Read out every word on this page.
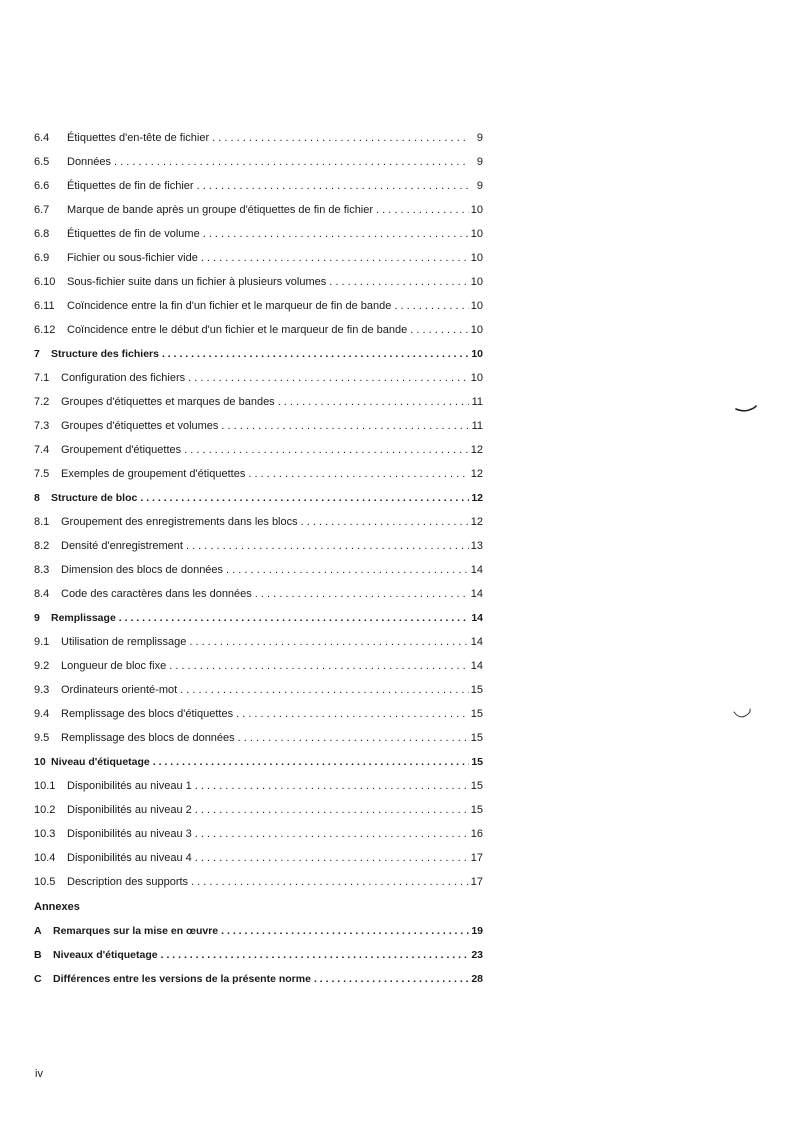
6.4	Étiquettes d'en-tête de fichier . . .	9
6.5	Données . . .	9
6.6	Étiquettes de fin de fichier . . .	9
6.7	Marque de bande après un groupe d'étiquettes de fin de fichier . . .	10
6.8	Étiquettes de fin de volume . . .	10
6.9	Fichier ou sous-fichier vide . . .	10
6.10	Sous-fichier suite dans un fichier à plusieurs volumes . . .	10
6.11	Coïncidence entre la fin d'un fichier et le marqueur de fin de bande . . .	10
6.12	Coïncidence entre le début d'un fichier et le marqueur de fin de bande . . .	10
7	Structure des fichiers . . .	10
7.1	Configuration des fichiers . . .	10
7.2	Groupes d'étiquettes et marques de bandes . . .	11
7.3	Groupes d'étiquettes et volumes . . .	11
7.4	Groupement d'étiquettes . . .	12
7.5	Exemples de groupement d'étiquettes . . .	12
8	Structure de bloc . . .	12
8.1	Groupement des enregistrements dans les blocs . . .	12
8.2	Densité d'enregistrement . . .	13
8.3	Dimension des blocs de données . . .	14
8.4	Code des caractères dans les données . . .	14
9	Remplissage . . .	14
9.1	Utilisation de remplissage . . .	14
9.2	Longueur de bloc fixe . . .	14
9.3	Ordinateurs orienté-mot . . .	15
9.4	Remplissage des blocs d'étiquettes . . .	15
9.5	Remplissage des blocs de données . . .	15
10 Niveau d'étiquetage . . .	15
10.1	Disponibilités au niveau 1 . . .	15
10.2	Disponibilités au niveau 2 . . .	15
10.3	Disponibilités au niveau 3 . . .	16
10.4	Disponibilités au niveau 4 . . .	17
10.5	Description des supports . . .	17
Annexes
A	Remarques sur la mise en œuvre . . .	19
B	Niveaux d'étiquetage . . .	23
C	Différences entre les versions de la présente norme . . .	28
iv
